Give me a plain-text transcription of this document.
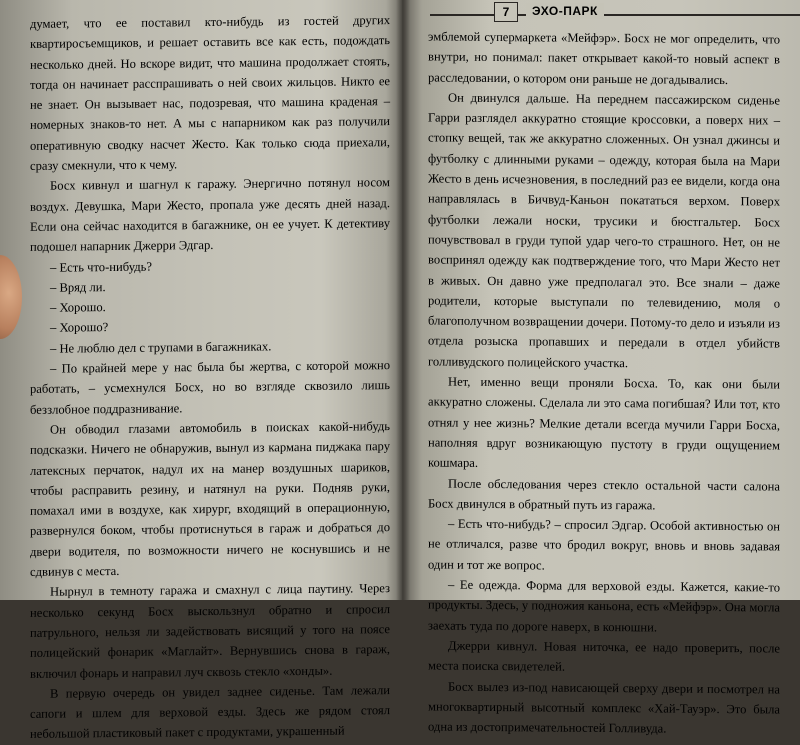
7	ЭХО-ПАРК

думает, что ее поставил кто-нибудь из гостей других квартиросъемщиков, и решает оставить все как есть, подождать несколько дней. Но вскоре видит, что машина продолжает стоять, тогда он начинает расспрашивать о ней своих жильцов. Никто ее не знает. Он вызывает нас, подозревая, что машина краденая – номерных знаков-то нет. А мы с напарником как раз получили оперативную сводку насчет Жесто. Как только сюда приехали, сразу смекнули, что к чему.

Босх кивнул и шагнул к гаражу. Энергично потянул носом воздух. Девушка, Мари Жесто, пропала уже десять дней назад. Если она сейчас находится в багажнике, он ее учует. К детективу подошел напарник Джерри Эдгар.

– Есть что-нибудь?

– Вряд ли.

– Хорошо.

– Хорошо?

– Не люблю дел с трупами в багажниках.

– По крайней мере у нас была бы жертва, с которой можно работать, – усмехнулся Босх, но во взгляде сквозило лишь беззлобное поддразнивание.

Он обводил глазами автомобиль в поисках какой-нибудь подсказки. Ничего не обнаружив, вынул из кармана пиджака пару латексных перчаток, надул их на манер воздушных шариков, чтобы расправить резину, и натянул на руки. Подняв руки, помахал ими в воздухе, как хирург, входящий в операционную, развернулся боком, чтобы протиснуться в гараж и добраться до двери водителя, по возможности ничего не коснувшись и не сдвинув с места.

Нырнул в темноту гаража и смахнул с лица паутину. Через несколько секунд Босх выскользнул обратно и спросил патрульного, нельзя ли задействовать висящий у того на поясе полицейский фонарик «Маглайт». Вернувшись снова в гараж, включил фонарь и направил луч сквозь стекло «хонды».

В первую очередь он увидел заднее сиденье. Там лежали сапоги и шлем для верховой езды. Здесь же рядом стоял небольшой пластиковый пакет с продуктами, украшенный

эмблемой супермаркета «Мейфэр». Босх не мог определить, что внутри, но понимал: пакет открывает какой-то новый аспект в расследовании, о котором они раньше не догадывались.

Он двинулся дальше. На переднем пассажирском сиденье Гарри разглядел аккуратно стоящие кроссовки, а поверх них – стопку вещей, так же аккуратно сложенных. Он узнал джинсы и футболку с длинными руками – одежду, которая была на Мари Жесто в день исчезновения, в последний раз ее видели, когда она направлялась в Бичвуд-Каньон покататься верхом. Поверх футболки лежали носки, трусики и бюстгальтер. Босх почувствовал в груди тупой удар чего-то страшного. Нет, он не воспринял одежду как подтверждение того, что Мари Жесто нет в живых. Он давно уже предполагал это. Все знали – даже родители, которые выступали по телевидению, моля о благополучном возвращении дочери. Потому-то дело и изъяли из отдела розыска пропавших и передали в отдел убийств голливудского полицейского участка.

Нет, именно вещи проняли Босха. То, как они были аккуратно сложены. Сделала ли это сама погибшая? Или тот, кто отнял у нее жизнь? Мелкие детали всегда мучили Гарри Босха, наполняя вдруг возникающую пустоту в груди ощущением кошмара.

После обследования через стекло остальной части салона Босх двинулся в обратный путь из гаража.

– Есть что-нибудь? – спросил Эдгар. Особой активностью он не отличался, разве что бродил вокруг, вновь и вновь задавая один и тот же вопрос.

– Ее одежда. Форма для верховой езды. Кажется, какие-то продукты. Здесь, у подножия каньона, есть «Мейфэр». Она могла заехать туда по дороге наверх, в конюшни.

Джерри кивнул. Новая ниточка, ее надо проверить, после места поиска свидетелей.

Босх вылез из-под нависающей сверху двери и посмотрел на многоквартирный высотный комплекс «Хай-Тауэр». Это была одна из достопримечательностей Голливуда.
